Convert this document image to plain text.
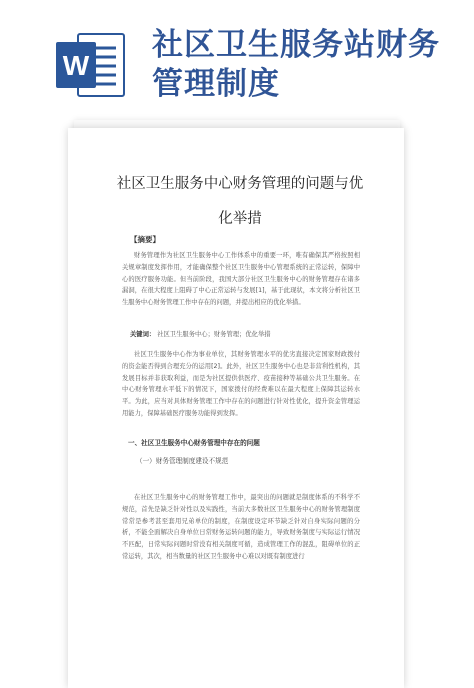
W
社区卫生服务站财务管理制度
社区卫生服务中心财务管理的问题与优化举措
【摘要】
财务管理作为社区卫生服务中心工作体系中的重要一环，唯有确保其严格按照相关规章制度发挥作用，才能确保整个社区卫生服务中心管理系统的正常运转，保障中心的医疗服务功能。但当前阶段，我国大部分社区卫生服务中心的财务管理存在诸多漏洞，在很大程度上阻碍了中心正常运转与发展[1]，基于此现状，本文将分析社区卫生服务中心财务管理工作中存在的问题，并提出相应的优化举措。
关键词： 社区卫生服务中心；财务管理；优化举措
社区卫生服务中心作为事业单位，其财务管理水平的优劣直接决定国家财政拨付的资金能否得到合理充分的运用[2]。此外，社区卫生服务中心也是非营利性机构，其发展目标并非获取利益，而是为社区提供供医疗、疫苗接种等基础公共卫生服务。在中心财务管理水平低下的情况下，国家拨付的经费难以在最大程度上保障其运转水平。为此，应当对具体财务管理工作中存在的问题进行针对性优化，提升资金管理运用能力，保障基础医疗服务功能得到发挥。
一、社区卫生服务中心财务管理中存在的问题
（一）财务管理制度建设不规范
在社区卫生服务中心的财务管理工作中，最突出的问题就是制度体系的不科学不规范，首先是缺乏针对性以及实践性，当前大多数社区卫生服务中心的财务管理制度常常是参考甚至套用兄弟单位的制度，在制度设定环节缺乏针对自身实际问题的分析，不能全面解决自身单位日常财务运转问题的能力，导致财务制度与实际运行情况不匹配，日常实际问题时常没有相关制度可循，造成管理工作的混乱，阻碍单位的正常运转，其次，相当数量的社区卫生服务中心难以对既有制度进行
